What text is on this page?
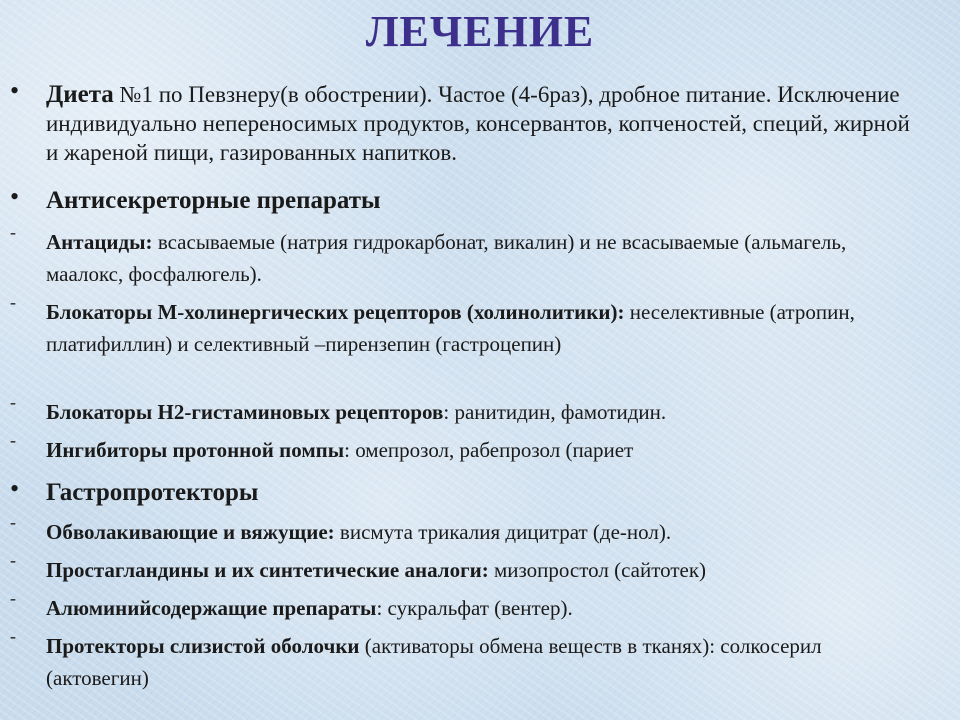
ЛЕЧЕНИЕ
• Диета №1 по Певзнеру(в обострении). Частое (4-6раз), дробное питание. Исключение индивидуально непереносимых продуктов, консервантов, копченостей, специй, жирной и жареной пищи, газированных напитков.
• Антисекреторные препараты
- Антациды: всасываемые (натрия гидрокарбонат, викалин) и не всасываемые (альмагель, маалокс, фосфалюгель).
- Блокаторы М-холинергических рецепторов (холинолитики): неселективные (атропин, платифиллин) и селективный –пирензепин (гастроцепин)
- Блокаторы Н2-гистаминовых рецепторов: ранитидин, фамотидин.
- Ингибиторы протонной помпы: омепрозол, рабепрозол (париет
• Гастропротекторы
- Обволакивающие и вяжущие: висмута трикалия дицитрат (де-нол).
- Простагландины и их синтетические аналоги: мизопростол (сайтотек)
- Алюминийсодержащие препараты: сукральфат (вентер).
- Протекторы слизистой оболочки (активаторы обмена веществ в тканях): солкосерил (актовегин)
